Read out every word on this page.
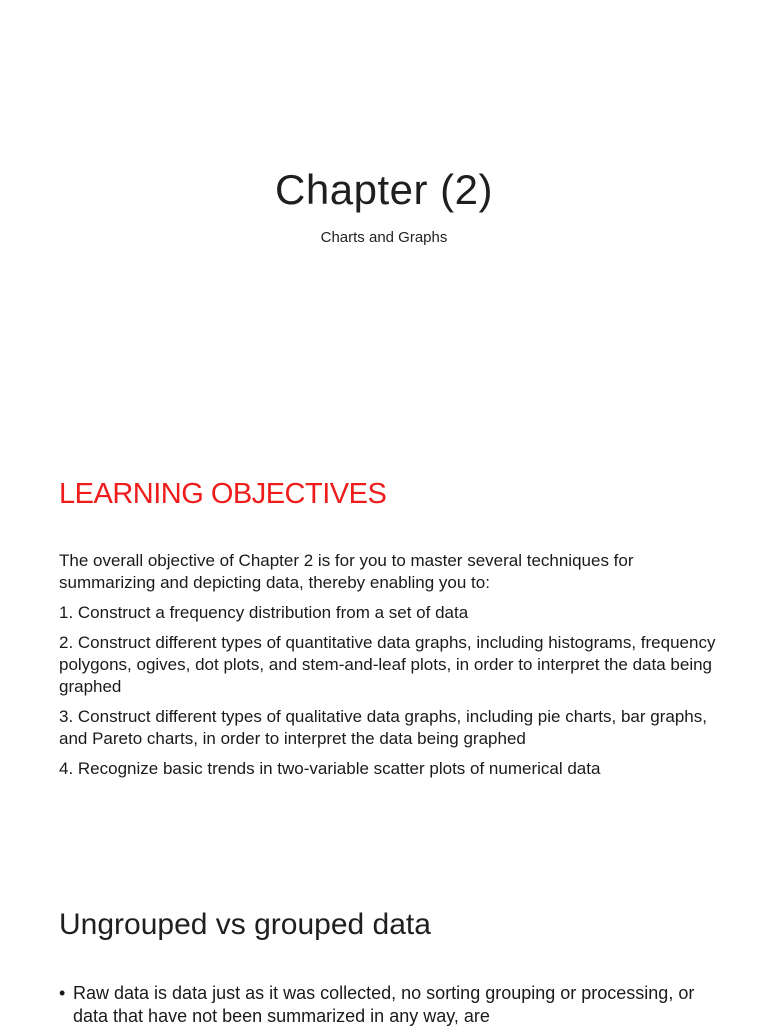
Chapter (2)
Charts and Graphs
LEARNING OBJECTIVES

The overall objective of Chapter 2 is for you to master several techniques for summarizing and depicting data, thereby enabling you to:

1. Construct a frequency distribution from a set of data

2. Construct different types of quantitative data graphs, including histograms, frequency polygons, ogives, dot plots, and stem-and-leaf plots, in order to interpret the data being graphed

3. Construct different types of qualitative data graphs, including pie charts, bar graphs, and Pareto charts, in order to interpret the data being graphed

4. Recognize basic trends in two-variable scatter plots of numerical data

Ungrouped vs grouped data
• Raw data is data just as it was collected, no sorting grouping or processing, or data that have not been summarized in any way, are
